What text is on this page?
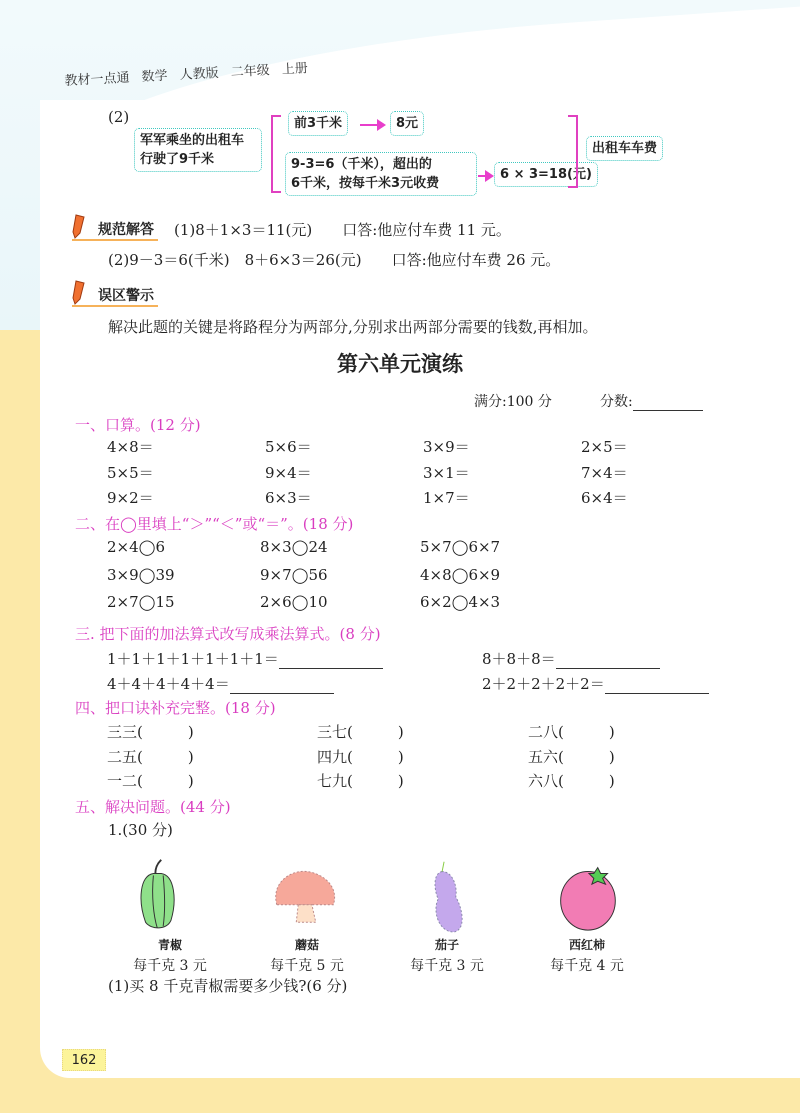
教材一点通 数学 人教版 二年级 上册
(2)
军军乘坐的出租车
行驶了9千米
前3千米	8元
9-3=6（千米），超出的
6千米，按每千米3元收费
6 × 3=18(元)
出租车车费
规范解答 (1)8＋1×3＝11(元)　　口答:他应付车费 11 元。
(2)9－3＝6(千米)　8＋6×3＝26(元)　　口答:他应付车费 26 元。
误区警示
解决此题的关键是将路程分为两部分,分别求出两部分需要的钱数,再相加。
第六单元演练
满分:100 分	分数:
一、口算。(12 分)
4×8＝	5×6＝	3×9＝	2×5＝
5×5＝	9×4＝	3×1＝	7×4＝
9×2＝	6×3＝	1×7＝	6×4＝
二、在◯里填上“＞”“＜”或“＝”。(18 分)
2×4◯6	8×3◯24	5×7◯6×7
3×9◯39	9×7◯56	4×8◯6×9
2×7◯15	2×6◯10	6×2◯4×3
三. 把下面的加法算式改写成乘法算式。(8 分)
1＋1＋1＋1＋1＋1＋1＝	8＋8＋8＝
4＋4＋4＋4＋4＝	2＋2＋2＋2＋2＝
四、把口诀补充完整。(18 分)
三三(　　　)	三七(　　　)	二八(　　　)
二五(　　　)	四九(　　　)	五六(　　　)
一二(　　　)	七九(　　　)	六八(　　　)
五、解决问题。(44 分)
1.(30 分)
青椒
每千克 3 元
蘑菇
每千克 5 元
茄子
每千克 3 元
西红柿
每千克 4 元
(1)买 8 千克青椒需要多少钱?(6 分)
162
